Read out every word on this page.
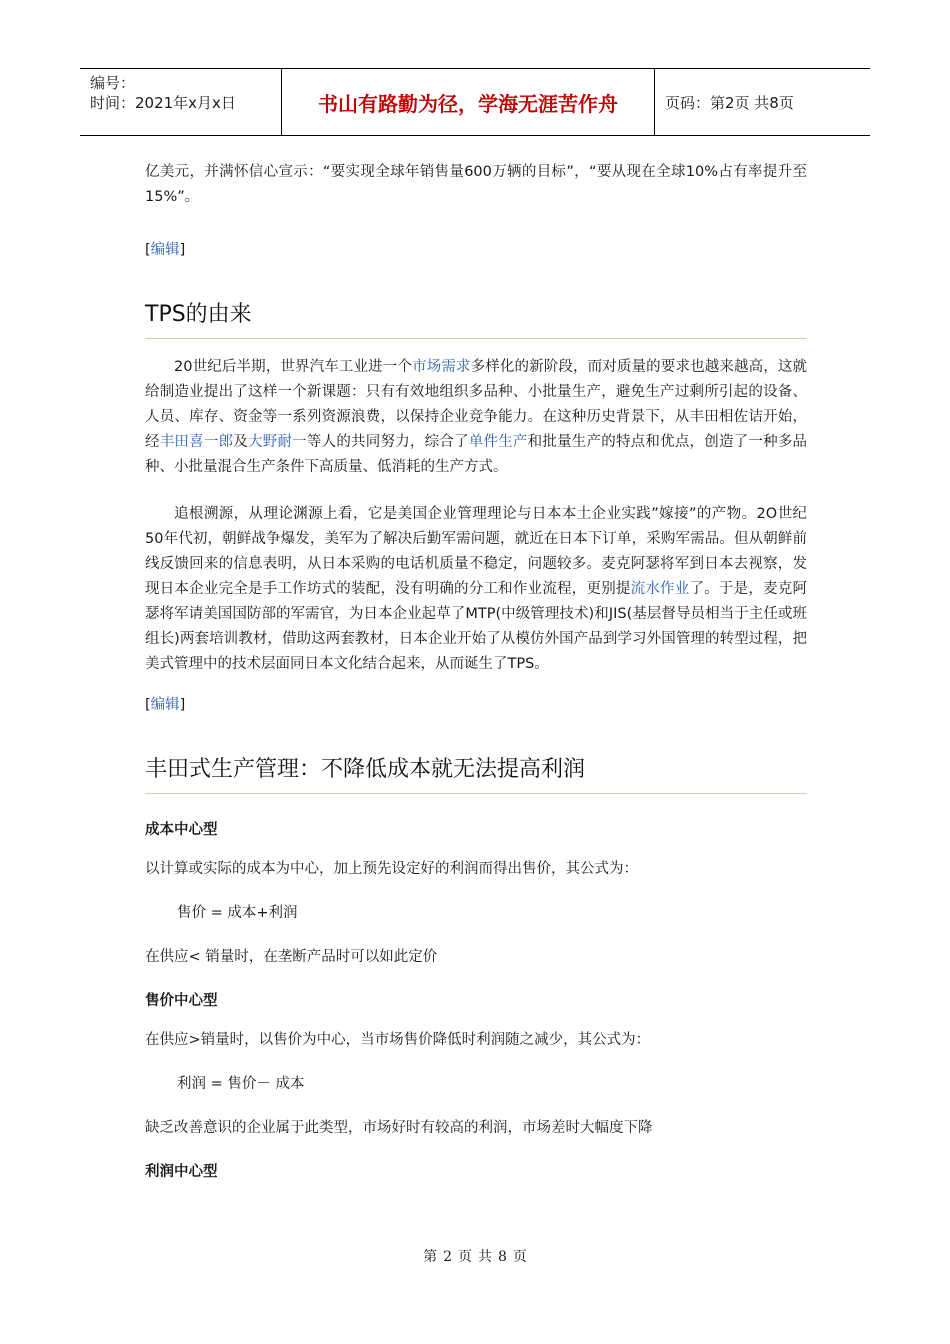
编号：
时间：2021年x月x日	书山有路勤为径，学海无涯苦作舟	页码：第2页 共8页

亿美元，并满怀信心宣示：“要实现全球年销售量600万辆的目标”，“要从现在全球10%占有率提升至15%”。

[编辑]
TPS的由来

20世纪后半期，世界汽车工业进一个市场需求多样化的新阶段，而对质量的要求也越来越高，这就给制造业提出了这样一个新课题：只有有效地组织多品种、小批量生产，避免生产过剩所引起的设备、人员、库存、资金等一系列资源浪费，以保持企业竞争能力。在这种历史背景下，从丰田相佐诘开始，经丰田喜一郎及大野耐一等人的共同努力，综合了单件生产和批量生产的特点和优点，创造了一种多品种、小批量混合生产条件下高质量、低消耗的生产方式。

追根溯源，从理论渊源上看，它是美国企业管理理论与日本本土企业实践”嫁接”的产物。2O世纪50年代初，朝鲜战争爆发，美军为了解决后勤军需问题，就近在日本下订单，采购军需品。但从朝鲜前线反馈回来的信息表明，从日本采购的电话机质量不稳定，问题较多。麦克阿瑟将军到日本去视察，发现日本企业完全是手工作坊式的装配，没有明确的分工和作业流程，更别提流水作业了。于是，麦克阿瑟将军请美国国防部的军需官，为日本企业起草了MTP(中级管理技术)和JIS(基层督导员相当于主任或班组长)两套培训教材，借助这两套教材，日本企业开始了从模仿外国产品到学习外国管理的转型过程，把美式管理中的技术层面同日本文化结合起来，从而诞生了TPS。

[编辑]
丰田式生产管理：不降低成本就无法提高利润
成本中心型

以计算或实际的成本为中心，加上预先设定好的利润而得出售价，其公式为：

售价 = 成本+利润

在供应< 销量时，在垄断产品时可以如此定价

售价中心型

在供应>销量时，以售价为中心，当市场售价降低时利润随之减少，其公式为：

利润 = 售价－ 成本

缺乏改善意识的企业属于此类型，市场好时有较高的利润，市场差时大幅度下降

利润中心型
第 2 页 共 8 页
